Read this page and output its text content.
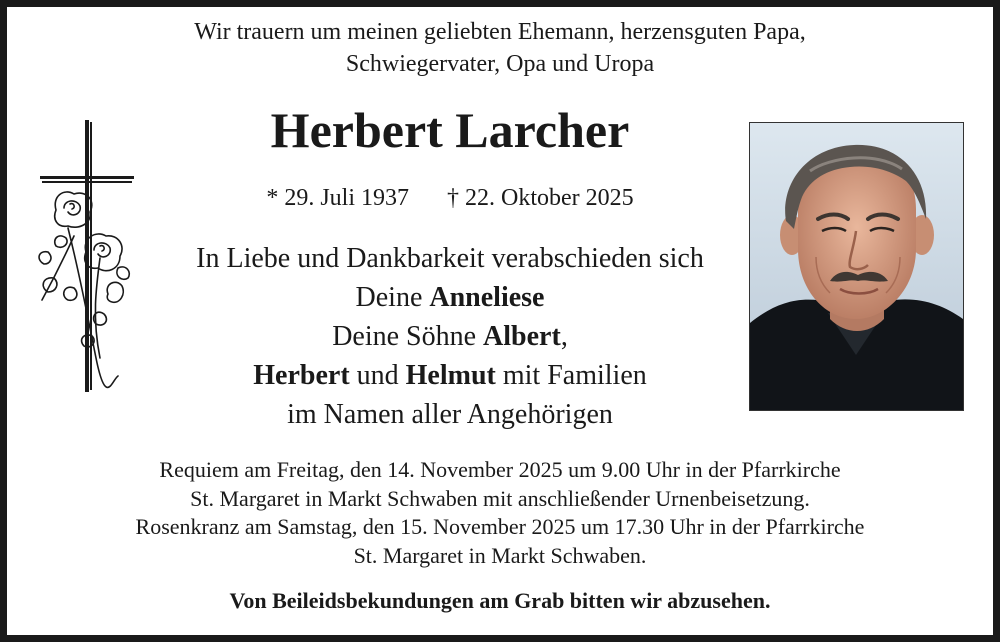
Wir trauern um meinen geliebten Ehemann, herzensguten Papa,
Schwiegervater, Opa und Uropa
Herbert Larcher
* 29. Juli 1937 † 22. Oktober 2025
In Liebe und Dankbarkeit verabschieden sich
Deine Anneliese
Deine Söhne Albert,
Herbert und Helmut mit Familien
im Namen aller Angehörigen
Requiem am Freitag, den 14. November 2025 um 9.00 Uhr in der Pfarrkirche
St. Margaret in Markt Schwaben mit anschließender Urnenbeisetzung.
Rosenkranz am Samstag, den 15. November 2025 um 17.30 Uhr in der Pfarrkirche
St. Margaret in Markt Schwaben.
Von Beileidsbekundungen am Grab bitten wir abzusehen.
